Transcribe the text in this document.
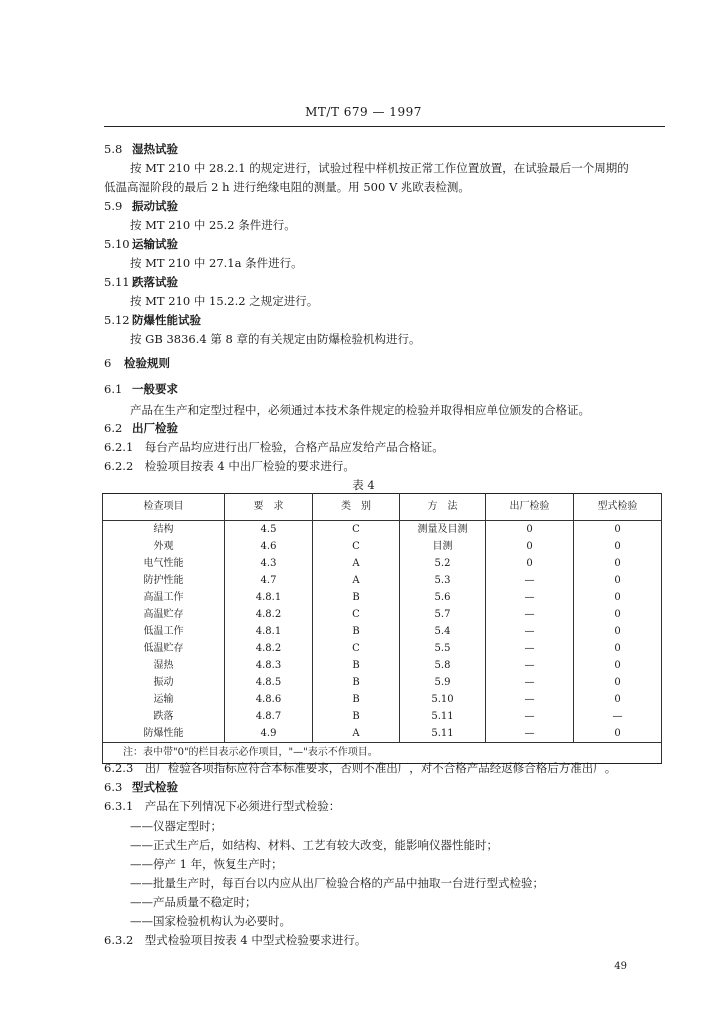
MT/T 679 — 1997
5.8 湿热试验
按 MT 210 中 28.2.1 的规定进行，试验过程中样机按正常工作位置放置，在试验最后一个周期的
低温高湿阶段的最后 2 h 进行绝缘电阻的测量。用 500 V 兆欧表检测。
5.9 振动试验
按 MT 210 中 25.2 条件进行。
5.10 运输试验
按 MT 210 中 27.1a 条件进行。
5.11 跌落试验
按 MT 210 中 15.2.2 之规定进行。
5.12 防爆性能试验
按 GB 3836.4 第 8 章的有关规定由防爆检验机构进行。
6 检验规则
6.1 一般要求
产品在生产和定型过程中，必须通过本技术条件规定的检验并取得相应单位颁发的合格证。
6.2 出厂检验
6.2.1　每台产品均应进行出厂检验，合格产品应发给产品合格证。
6.2.2　检验项目按表 4 中出厂检验的要求进行。
表 4
检查项目	要　求	类　别	方　法	出厂检验	型式检验
结构	4.5	C	测量及目测	0	0
外观	4.6	C	目测	0	0
电气性能	4.3	A	5.2	0	0
防护性能	4.7	A	5.3	—	0
高温工作	4.8.1	B	5.6	—	0
高温贮存	4.8.2	C	5.7	—	0
低温工作	4.8.1	B	5.4	—	0
低温贮存	4.8.2	C	5.5	—	0
湿热	4.8.3	B	5.8	—	0
振动	4.8.5	B	5.9	—	0
运输	4.8.6	B	5.10	—	0
跌落	4.8.7	B	5.11	—	—
防爆性能	4.9	A	5.11	—	0
注：表中带"0"的栏目表示必作项目，"—"表示不作项目。					
6.2.3　出厂检验各项指标应符合本标准要求，否则不准出厂，对不合格产品经返修合格后方准出厂。
6.3 型式检验
6.3.1　产品在下列情况下必须进行型式检验：
——仪器定型时；
——正式生产后，如结构、材料、工艺有较大改变，能影响仪器性能时；
——停产 1 年，恢复生产时；
——批量生产时，每百台以内应从出厂检验合格的产品中抽取一台进行型式检验；
——产品质量不稳定时；
——国家检验机构认为必要时。
6.3.2　型式检验项目按表 4 中型式检验要求进行。
49
